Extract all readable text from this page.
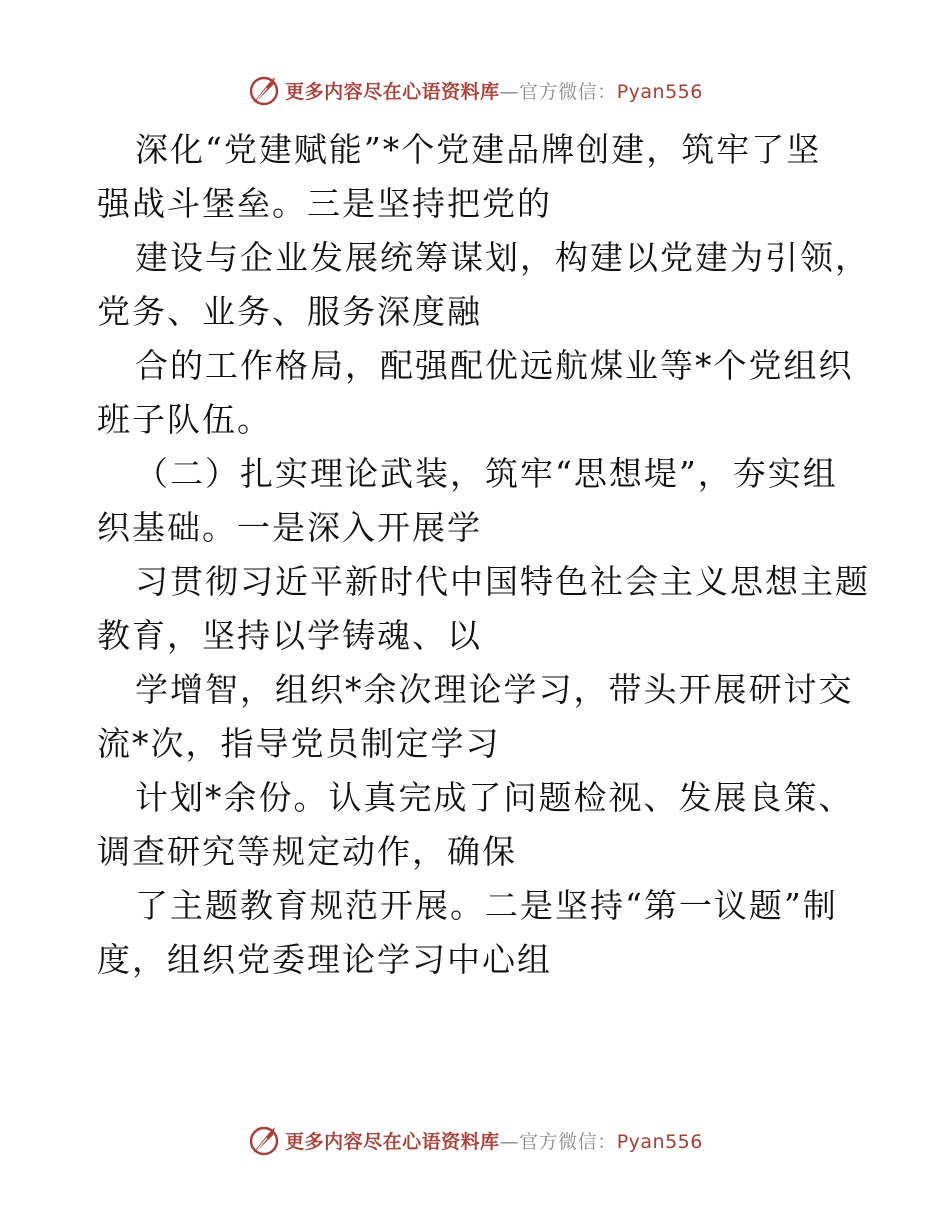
更多内容尽在心语资料库—官方微信：Pyan556
深化“党建赋能”*个党建品牌创建，筑牢了坚
强战斗堡垒。三是坚持把党的
建设与企业发展统筹谋划，构建以党建为引领，
党务、业务、服务深度融
合的工作格局，配强配优远航煤业等*个党组织
班子队伍。
（二）扎实理论武装，筑牢“思想堤”，夯实组
织基础。一是深入开展学
习贯彻习近平新时代中国特色社会主义思想主题
教育，坚持以学铸魂、以
学增智，组织*余次理论学习，带头开展研讨交
流*次，指导党员制定学习
计划*余份。认真完成了问题检视、发展良策、
调查研究等规定动作，确保
了主题教育规范开展。二是坚持“第一议题”制
度，组织党委理论学习中心组
更多内容尽在心语资料库—官方微信：Pyan556
